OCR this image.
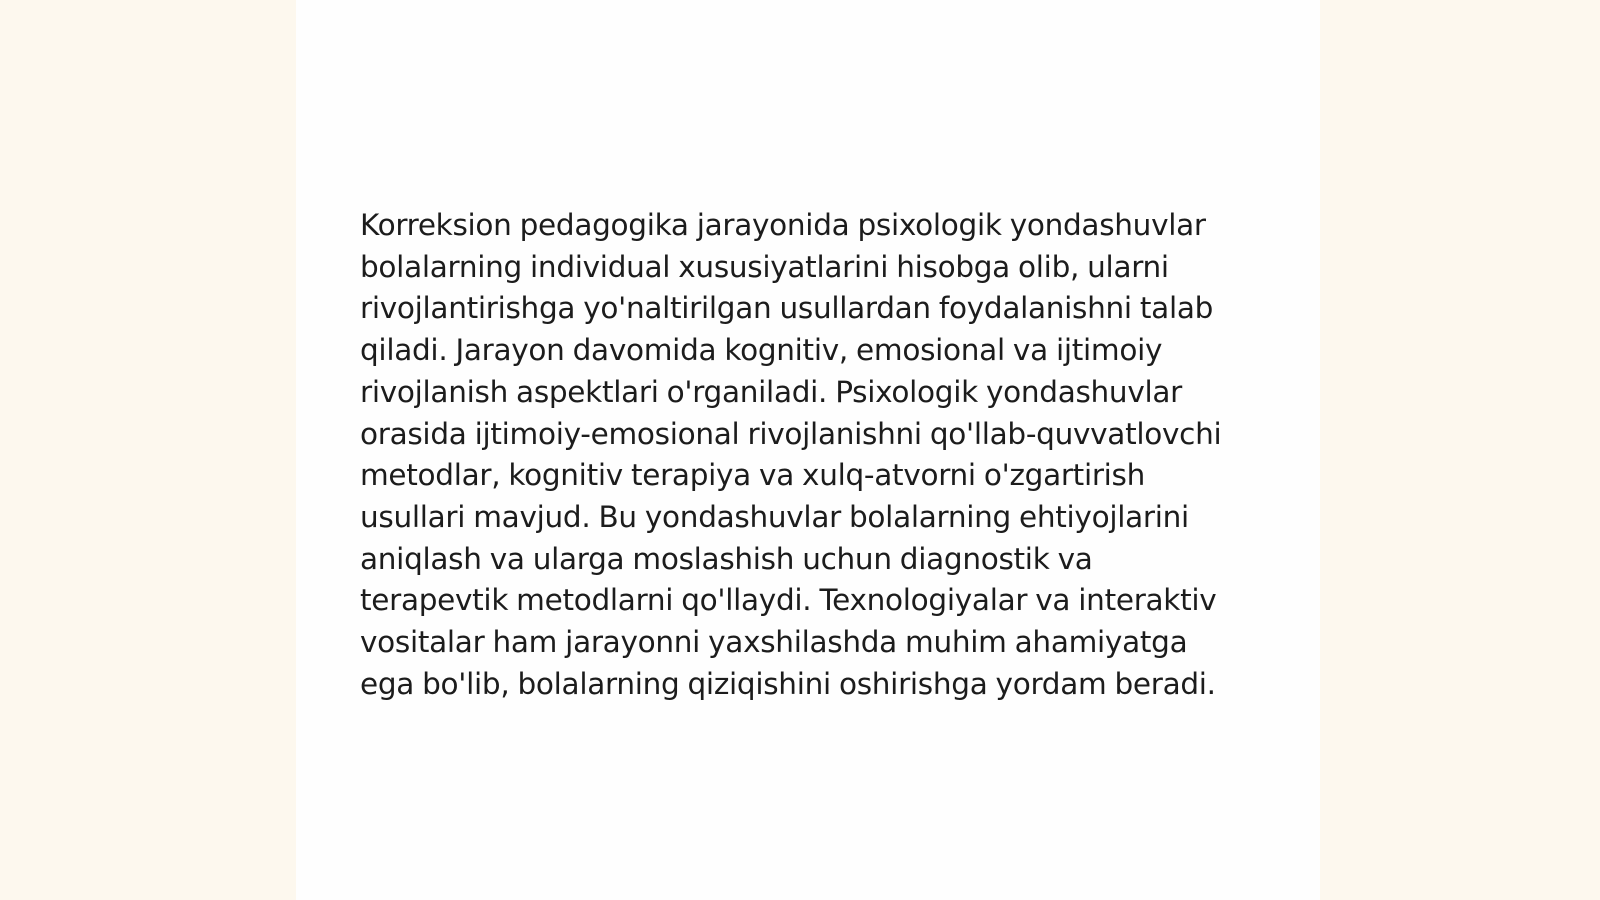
Korreksion pedagogika jarayonida psixologik yondashuvlar bolalarning individual xususiyatlarini hisobga olib, ularni rivojlantirishga yo'naltirilgan usullardan foydalanishni talab qiladi. Jarayon davomida kognitiv, emosional va ijtimoiy rivojlanish aspektlari o'rganiladi. Psixologik yondashuvlar orasida ijtimoiy-emosional rivojlanishni qo'llab-quvvatlovchi metodlar, kognitiv terapiya va xulq-atvorni o'zgartirish usullari mavjud. Bu yondashuvlar bolalarning ehtiyojlarini aniqlash va ularga moslashish uchun diagnostik va terapevtik metodlarni qo'llaydi. Texnologiyalar va interaktiv vositalar ham jarayonni yaxshilashda muhim ahamiyatga ega bo'lib, bolalarning qiziqishini oshirishga yordam beradi.
